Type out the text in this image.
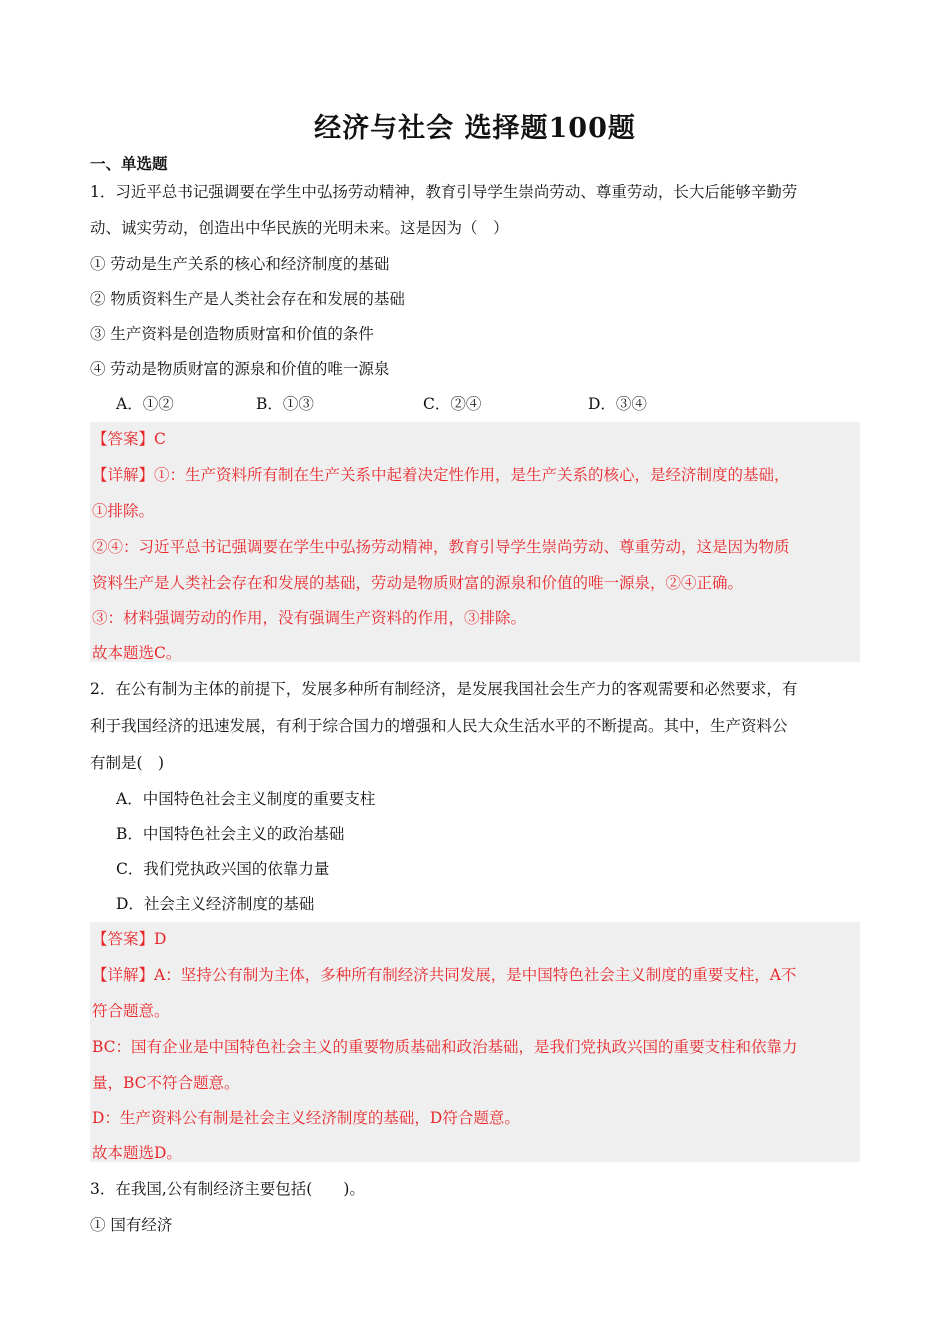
经济与社会 选择题100题
一、单选题
1．习近平总书记强调要在学生中弘扬劳动精神，教育引导学生崇尚劳动、尊重劳动，长大后能够辛勤劳
动、诚实劳动，创造出中华民族的光明未来。这是因为（　）
① 劳动是生产关系的核心和经济制度的基础
② 物质资料生产是人类社会存在和发展的基础
③ 生产资料是创造物质财富和价值的条件
④ 劳动是物质财富的源泉和价值的唯一源泉
A．①②	B．①③	C．②④	D．③④
【答案】C
【详解】①：生产资料所有制在生产关系中起着决定性作用，是生产关系的核心，是经济制度的基础，
①排除。
②④：习近平总书记强调要在学生中弘扬劳动精神，教育引导学生崇尚劳动、尊重劳动，这是因为物质
资料生产是人类社会存在和发展的基础，劳动是物质财富的源泉和价值的唯一源泉，②④正确。
③：材料强调劳动的作用，没有强调生产资料的作用，③排除。
故本题选C。
2．在公有制为主体的前提下，发展多种所有制经济，是发展我国社会生产力的客观需要和必然要求，有
利于我国经济的迅速发展，有利于综合国力的增强和人民大众生活水平的不断提高。其中，生产资料公
有制是(　)
A．中国特色社会主义制度的重要支柱
B．中国特色社会主义的政治基础
C．我们党执政兴国的依靠力量
D．社会主义经济制度的基础
【答案】D
【详解】A：坚持公有制为主体，多种所有制经济共同发展，是中国特色社会主义制度的重要支柱，A不
符合题意。
BC：国有企业是中国特色社会主义的重要物质基础和政治基础，是我们党执政兴国的重要支柱和依靠力
量，BC不符合题意。
D：生产资料公有制是社会主义经济制度的基础，D符合题意。
故本题选D。
3．在我国,公有制经济主要包括(　　)。
① 国有经济
